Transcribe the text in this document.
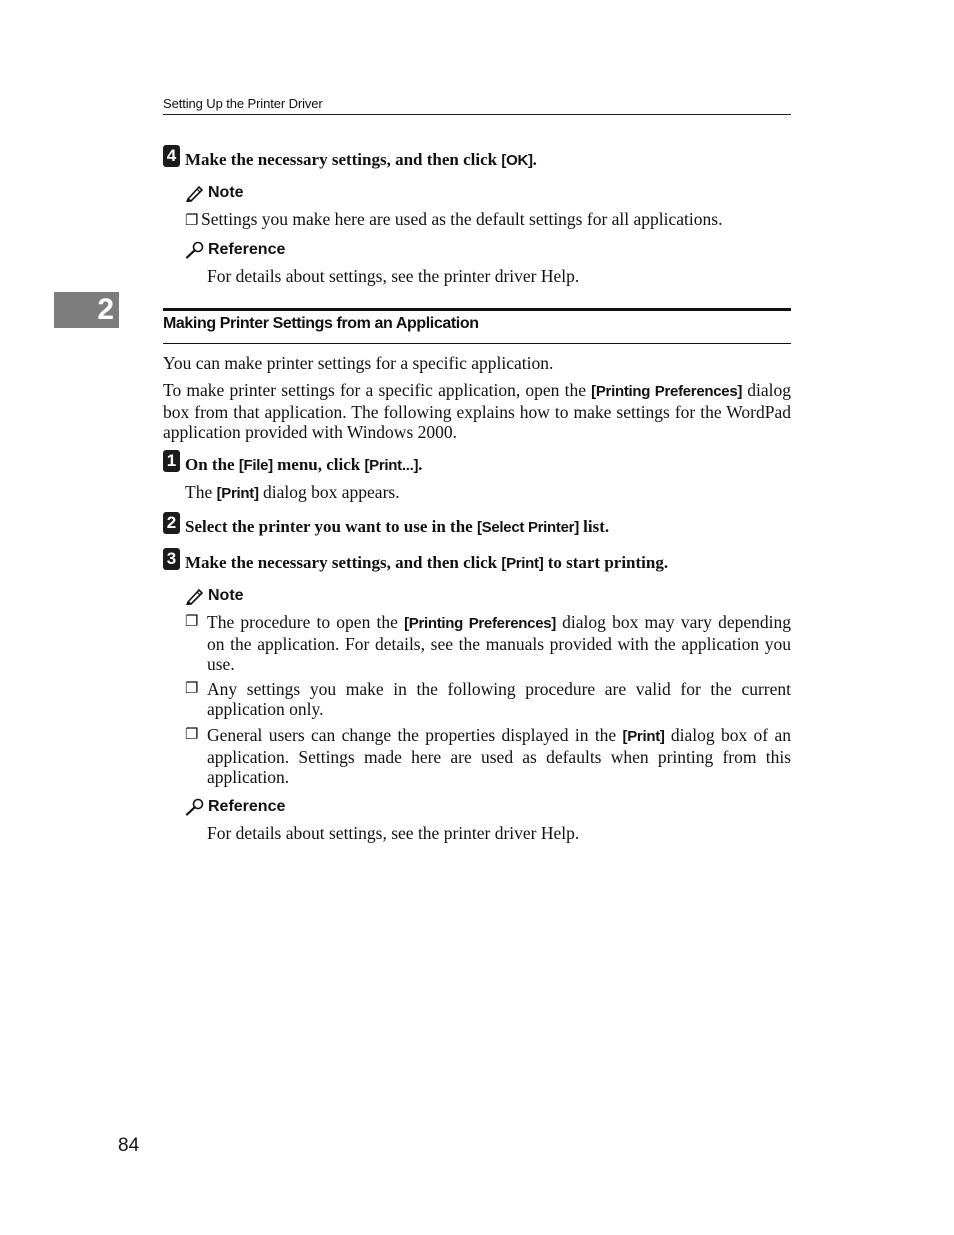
Setting Up the Printer Driver
2
4 Make the necessary settings, and then click [OK].
Note
❐ Settings you make here are used as the default settings for all applications.
Reference
For details about settings, see the printer driver Help.
Making Printer Settings from an Application
You can make printer settings for a specific application.
To make printer settings for a specific application, open the [Printing Preferences] dialog box from that application. The following explains how to make settings for the WordPad application provided with Windows 2000.
1 On the [File] menu, click [Print...].
The [Print] dialog box appears.
2 Select the printer you want to use in the [Select Printer] list.
3 Make the necessary settings, and then click [Print] to start printing.
Note
❐ The procedure to open the [Printing Preferences] dialog box may vary depending on the application. For details, see the manuals provided with the application you use.
❐ Any settings you make in the following procedure are valid for the current application only.
❐ General users can change the properties displayed in the [Print] dialog box of an application. Settings made here are used as defaults when printing from this application.
Reference
For details about settings, see the printer driver Help.
84
